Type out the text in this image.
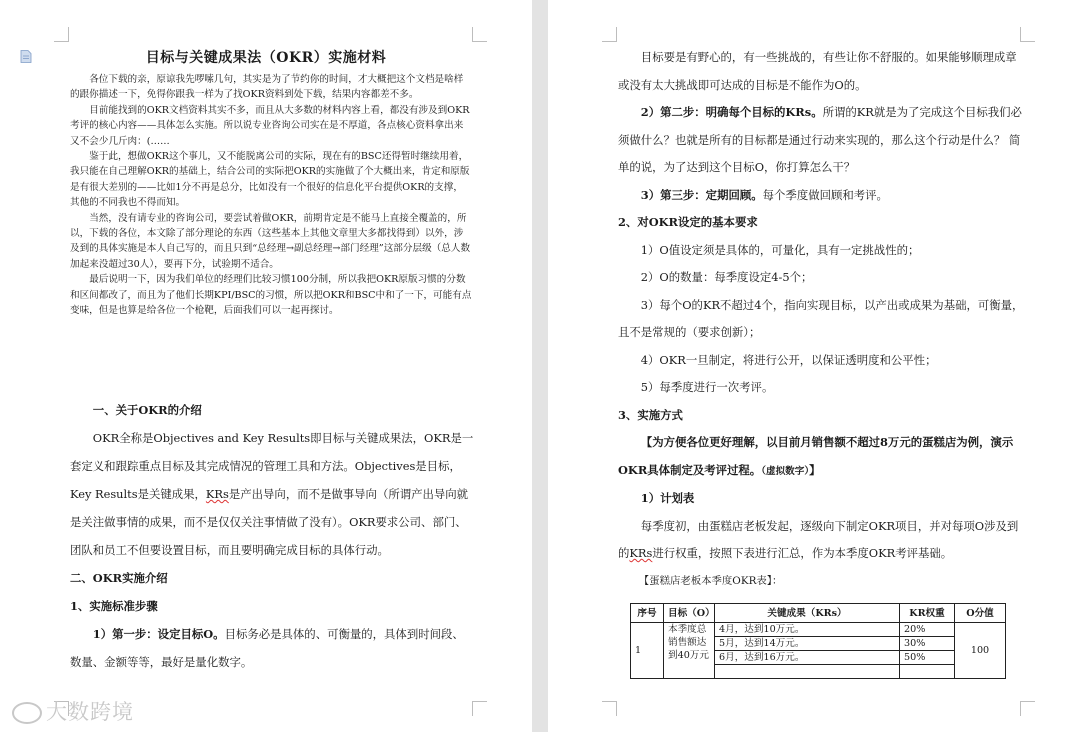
目标与关键成果法（OKR）实施材料

各位下载的亲，原谅我先啰嗦几句，其实是为了节约你的时间，才大概把这个文档是啥样的跟你描述一下，免得你跟我一样为了找OKR资料到处下载，结果内容都差不多。

目前能找到的OKR文档资料其实不多，而且从大多数的材料内容上看，都没有涉及到OKR考评的核心内容——具体怎么实施。所以说专业咨询公司实在是不厚道，各点核心资料拿出来又不会少几斤肉：(……

鉴于此，想做OKR这个事儿，又不能脱离公司的实际，现在有的BSC还得暂时继续用着，我只能在自己理解OKR的基础上，结合公司的实际把OKR的实施做了个大概出来，肯定和原版是有很大差别的——比如1分不再是总分，比如没有一个很好的信息化平台提供OKR的支撑，其他的不同我也不得而知。

当然，没有请专业的咨询公司，要尝试着做OKR，前期肯定是不能马上直接全覆盖的，所以，下载的各位，本文除了部分理论的东西（这些基本上其他文章里大多都找得到）以外，涉及到的具体实施是本人自己写的，而且只到“总经理→副总经理→部门经理”这部分层级（总人数加起来没超过30人），要再下分，试验期不适合。

最后说明一下，因为我们单位的经理们比较习惯100分制，所以我把OKR原版习惯的分数和区间都改了，而且为了他们长期KPI/BSC的习惯，所以把OKR和BSC中和了一下，可能有点变味，但是也算是给各位一个枪靶，后面我们可以一起再探讨。

一、关于OKR的介绍

OKR全称是Objectives and Key Results即目标与关键成果法，OKR是一套定义和跟踪重点目标及其完成情况的管理工具和方法。Objectives是目标，Key Results是关键成果，KRs是产出导向，而不是做事导向（所谓产出导向就是关注做事情的成果，而不是仅仅关注事情做了没有）。OKR要求公司、部门、团队和员工不但要设置目标，而且要明确完成目标的具体行动。

二、OKR实施介绍

1、实施标准步骤

1）第一步：设定目标O。目标务必是具体的、可衡量的，具体到时间段、数量、金额等等，最好是量化数字。

大数跨境

目标要是有野心的，有一些挑战的，有些让你不舒服的。如果能够顺理成章或没有太大挑战即可达成的目标是不能作为O的。

2）第二步：明确每个目标的KRs。所谓的KR就是为了完成这个目标我们必须做什么？也就是所有的目标都是通过行动来实现的，那么这个行动是什么？ 简单的说，为了达到这个目标O，你打算怎么干？

3）第三步：定期回顾。每个季度做回顾和考评。

2、对OKR设定的基本要求

1）O值设定须是具体的，可量化，具有一定挑战性的；

2）O的数量：每季度设定4-5个；

3）每个O的KR不超过4个，指向实现目标，以产出或成果为基础，可衡量，且不是常规的（要求创新）；

4）OKR一旦制定，将进行公开，以保证透明度和公平性；

5）每季度进行一次考评。

3、实施方式

【为方便各位更好理解，以目前月销售额不超过8万元的蛋糕店为例，演示OKR具体制定及考评过程。（虚拟数字）】

1）计划表

每季度初，由蛋糕店老板发起，逐级向下制定OKR项目，并对每项O涉及到的KRs进行权重，按照下表进行汇总，作为本季度OKR考评基础。

【蛋糕店老板本季度OKR表】：

序号	目标（O）	关键成果（KRs）	KR权重	O分值
1	本季度总销售额达到40万元	4月，达到10万元。	20%	100
		5月，达到14万元。	30%	
		6月，达到16万元。	50%	
